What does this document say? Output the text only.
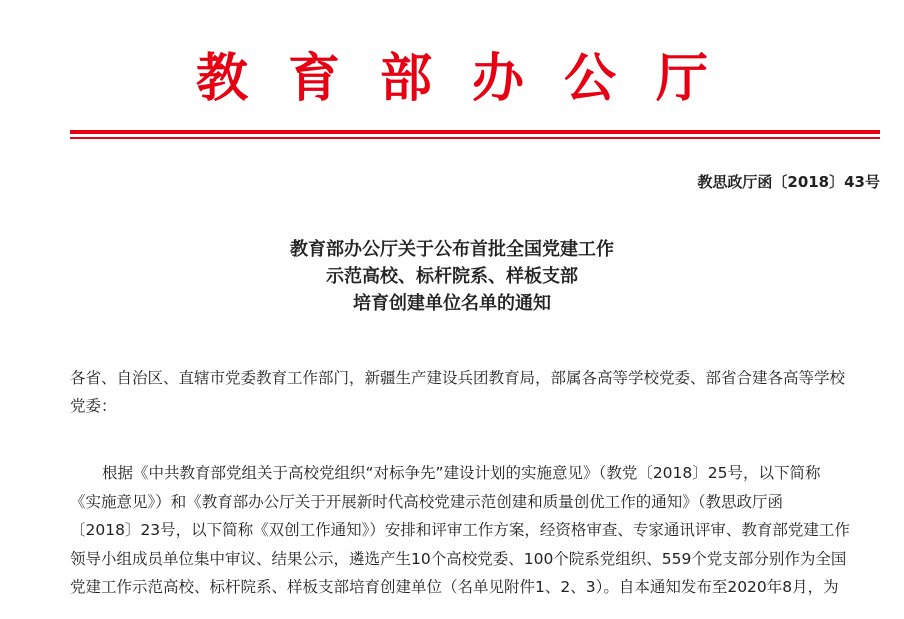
教 育 部 办 公 厅
教思政厅函〔2018〕43号
教育部办公厅关于公布首批全国党建工作
示范高校、标杆院系、样板支部
培育创建单位名单的通知
各省、自治区、直辖市党委教育工作部门，新疆生产建设兵团教育局，部属各高等学校党委、部省合建各高等学校
党委：
根据《中共教育部党组关于高校党组织“对标争先”建设计划的实施意见》（教党〔2018〕25号，以下简称
《实施意见》）和《教育部办公厅关于开展新时代高校党建示范创建和质量创优工作的通知》（教思政厅函
〔2018〕23号，以下简称《双创工作通知》）安排和评审工作方案，经资格审查、专家通讯评审、教育部党建工作
领导小组成员单位集中审议、结果公示，遴选产生10个高校党委、100个院系党组织、559个党支部分别作为全国
党建工作示范高校、标杆院系、样板支部培育创建单位（名单见附件1、2、3）。自本通知发布至2020年8月，为
